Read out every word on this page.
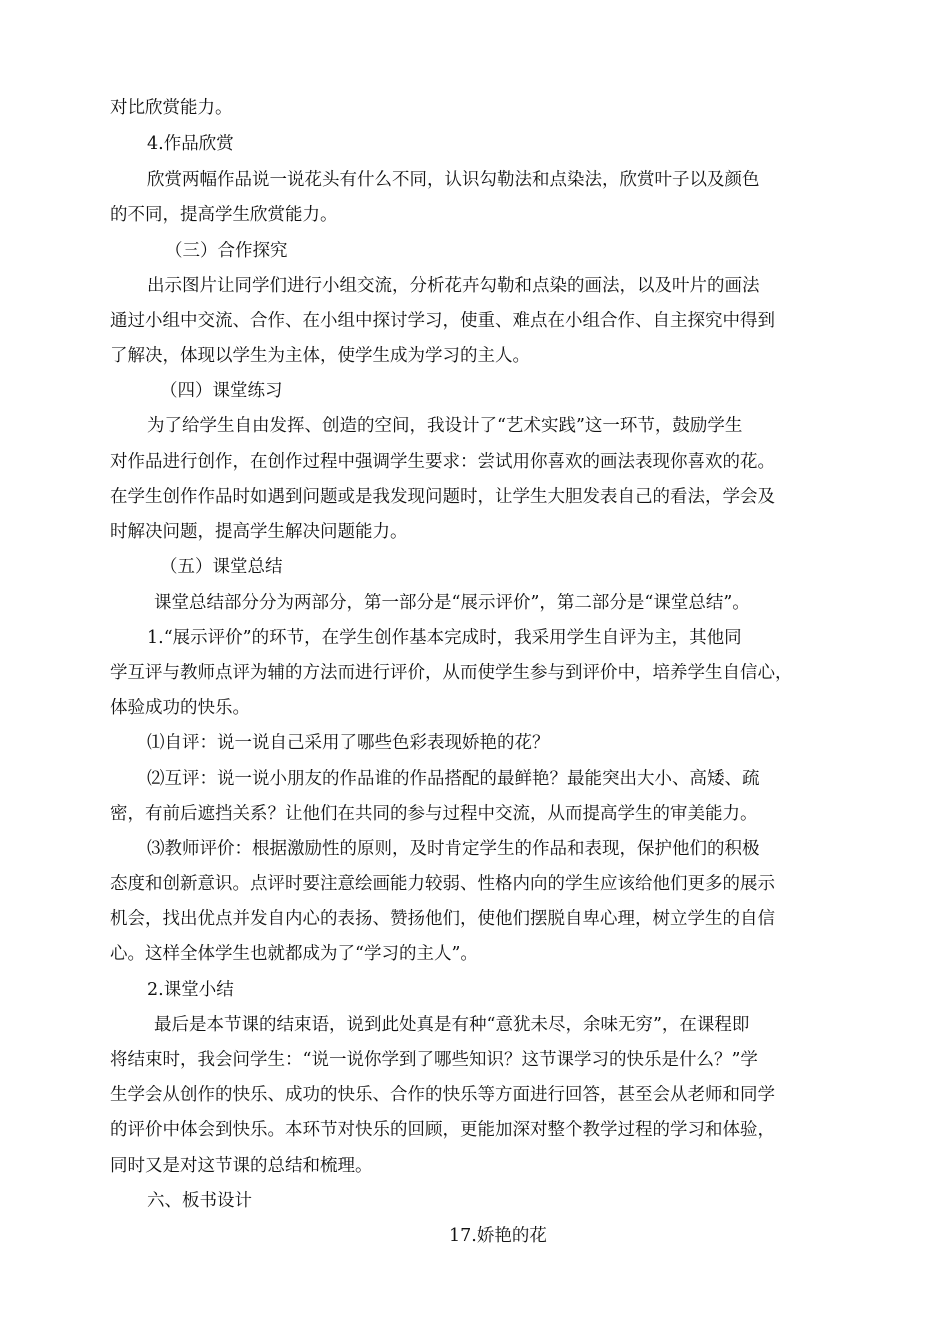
对比欣赏能力。

4.作品欣赏

欣赏两幅作品说一说花头有什么不同，认识勾勒法和点染法，欣赏叶子以及颜色

的不同，提高学生欣赏能力。

（三）合作探究

出示图片让同学们进行小组交流，分析花卉勾勒和点染的画法，以及叶片的画法

通过小组中交流、合作、在小组中探讨学习，使重、难点在小组合作、自主探究中得到

了解决，体现以学生为主体，使学生成为学习的主人。

（四）课堂练习

为了给学生自由发挥、创造的空间，我设计了“艺术实践”这一环节，鼓励学生

对作品进行创作，在创作过程中强调学生要求：尝试用你喜欢的画法表现你喜欢的花。

在学生创作作品时如遇到问题或是我发现问题时，让学生大胆发表自己的看法，学会及

时解决问题，提高学生解决问题能力。

（五）课堂总结

课堂总结部分分为两部分，第一部分是“展示评价”，第二部分是“课堂总结”。

1.“展示评价”的环节，在学生创作基本完成时，我采用学生自评为主，其他同

学互评与教师点评为辅的方法而进行评价，从而使学生参与到评价中，培养学生自信心，

体验成功的快乐。

⑴自评：说一说自己采用了哪些色彩表现娇艳的花？

⑵互评：说一说小朋友的作品谁的作品搭配的最鲜艳？最能突出大小、高矮、疏

密，有前后遮挡关系？让他们在共同的参与过程中交流，从而提高学生的审美能力。

⑶教师评价：根据激励性的原则，及时肯定学生的作品和表现，保护他们的积极

态度和创新意识。点评时要注意绘画能力较弱、性格内向的学生应该给他们更多的展示

机会，找出优点并发自内心的表扬、赞扬他们，使他们摆脱自卑心理，树立学生的自信

心。这样全体学生也就都成为了“学习的主人”。

2.课堂小结

最后是本节课的结束语，说到此处真是有种“意犹未尽，余味无穷”，在课程即

将结束时，我会问学生：“说一说你学到了哪些知识？这节课学习的快乐是什么？”学

生学会从创作的快乐、成功的快乐、合作的快乐等方面进行回答，甚至会从老师和同学

的评价中体会到快乐。本环节对快乐的回顾，更能加深对整个教学过程的学习和体验，

同时又是对这节课的总结和梳理。

六、板书设计

17.娇艳的花
